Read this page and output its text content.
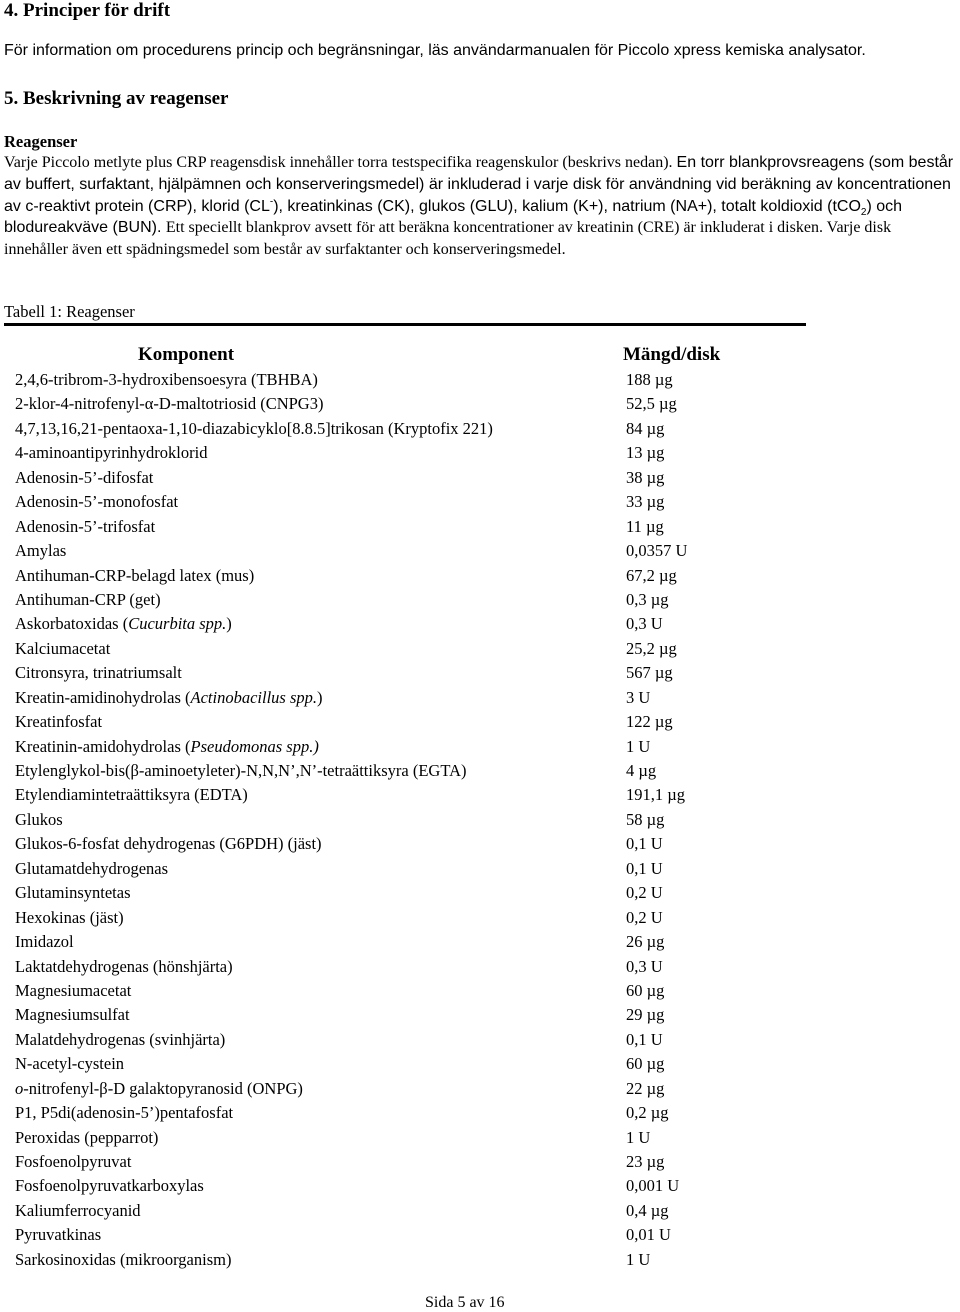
4. Principer för drift
För information om procedurens princip och begränsningar, läs användarmanualen för Piccolo xpress kemiska analysator.
5. Beskrivning av reagenser
Reagenser
Varje Piccolo metlyte plus CRP reagensdisk innehåller torra testspecifika reagenskulor (beskrivs nedan). En torr blankprovsreagens (som består av buffert, surfaktant, hjälpämnen och konserveringsmedel) är inkluderad i varje disk för användning vid beräkning av koncentrationen av c-reaktivt protein (CRP), klorid (CL-), kreatinkinas (CK), glukos (GLU), kalium (K+), natrium (NA+), totalt koldioxid (tCO$_2$) och blodureakväve (BUN). Ett speciellt blankprov avsett för att beräkna koncentrationer av kreatinin (CRE) är inkluderat i disken. Varje disk innehåller även ett spädningsmedel som består av surfaktanter och konserveringsmedel.
Tabell 1: Reagenser
Komponent	Mängd/disk
2,4,6-tribrom-3-hydroxibensoesyra (TBHBA)	188 µg
2-klor-4-nitrofenyl-α-D-maltotriosid (CNPG3)	52,5 µg
4,7,13,16,21-pentaoxa-1,10-diazabicyklo[8.8.5]trikosan (Kryptofix 221)	84 µg
4-aminoantipyrinhydroklorid	13 µg
Adenosin-5’-difosfat	38 µg
Adenosin-5’-monofosfat	33 µg
Adenosin-5’-trifosfat	11 µg
Amylas	0,0357 U
Antihuman-CRP-belagd latex (mus)	67,2 µg
Antihuman-CRP (get)	0,3 µg
Askorbatoxidas (Cucurbita spp.)	0,3 U
Kalciumacetat	25,2 µg
Citronsyra, trinatriumsalt	567 µg
Kreatin-amidinohydrolas (Actinobacillus spp.)	3 U
Kreatinfosfat	122 µg
Kreatinin-amidohydrolas (Pseudomonas spp.)	1 U
Etylenglykol-bis(β-aminoetyleter)-N,N,N’,N’-tetraättiksyra (EGTA)	4 µg
Etylendiamintetraättiksyra (EDTA)	191,1 µg
Glukos	58 µg
Glukos-6-fosfat dehydrogenas (G6PDH) (jäst)	0,1 U
Glutamatdehydrogenas	0,1 U
Glutaminsyntetas	0,2 U
Hexokinas (jäst)	0,2 U
Imidazol	26 µg
Laktatdehydrogenas (hönshjärta)	0,3 U
Magnesiumacetat	60 µg
Magnesiumsulfat	29 µg
Malatdehydrogenas (svinhjärta)	0,1 U
N-acetyl-cystein	60 µg
o-nitrofenyl-β-D galaktopyranosid (ONPG)	22 µg
P1, P5di(adenosin-5’)pentafosfat	0,2 µg
Peroxidas (pepparrot)	1 U
Fosfoenolpyruvat	23 µg
Fosfoenolpyruvatkarboxylas	0,001 U
Kaliumferrocyanid	0,4 µg
Pyruvatkinas	0,01 U
Sarkosinoxidas (mikroorganism)	1 U
Sida 5 av 16
